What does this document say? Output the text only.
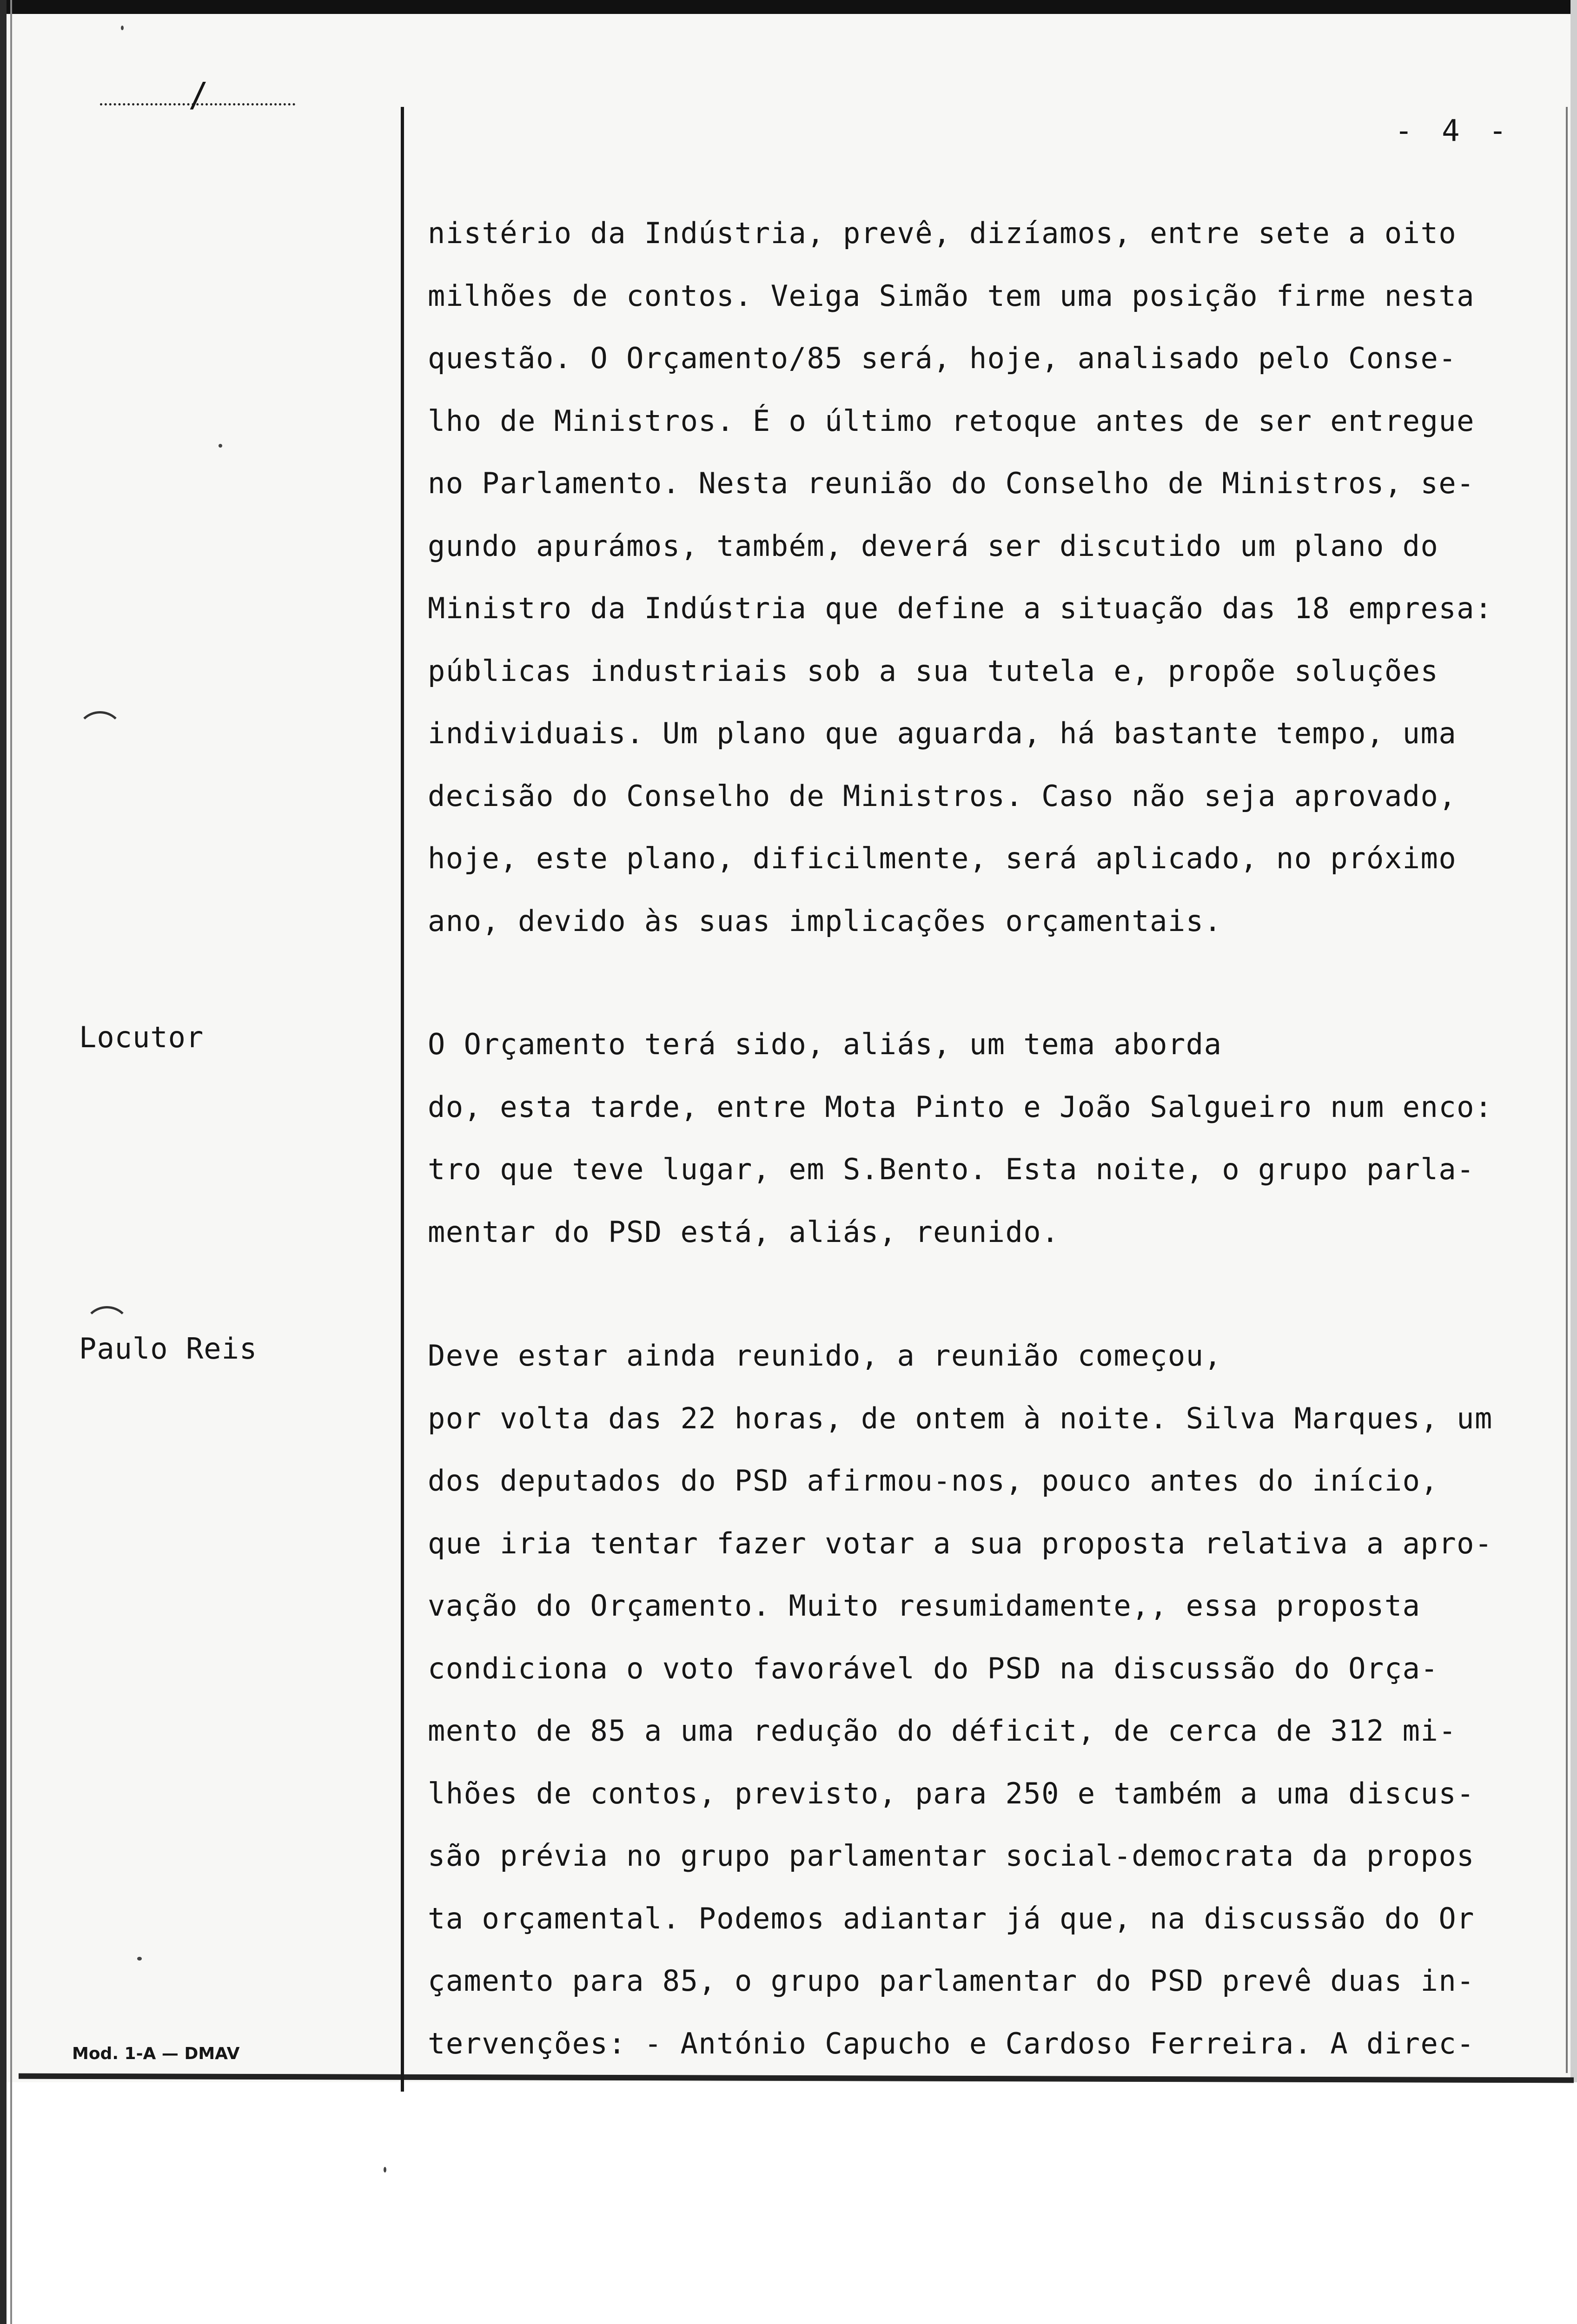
/
- 4 -
nistério da Indústria, prevê, dizíamos, entre sete a oito
milhões de contos. Veiga Simão tem uma posição firme nesta
questão. O Orçamento/85 será, hoje, analisado pelo Conse-
lho de Ministros. É o último retoque antes de ser entregue
no Parlamento. Nesta reunião do Conselho de Ministros, se-
gundo apurámos, também, deverá ser discutido um plano do
Ministro da Indústria que define a situação das 18 empresa:
públicas industriais sob a sua tutela e, propõe soluções
individuais. Um plano que aguarda, há bastante tempo, uma
decisão do Conselho de Ministros. Caso não seja aprovado,
hoje, este plano, dificilmente, será aplicado, no próximo
ano, devido às suas implicações orçamentais.
Locutor	O Orçamento terá sido, aliás, um tema aborda
do, esta tarde, entre Mota Pinto e João Salgueiro num enco:
tro que teve lugar, em S.Bento. Esta noite, o grupo parla-
mentar do PSD está, aliás, reunido.
Paulo Reis	Deve estar ainda reunido, a reunião começou,
por volta das 22 horas, de ontem à noite. Silva Marques, um
dos deputados do PSD afirmou-nos, pouco antes do início,
que iria tentar fazer votar a sua proposta relativa a apro-
vação do Orçamento. Muito resumidamente,, essa proposta
condiciona o voto favorável do PSD na discussão do Orça-
mento de 85 a uma redução do déficit, de cerca de 312 mi-
lhões de contos, previsto, para 250 e também a uma discus-
são prévia no grupo parlamentar social-democrata da propos
ta orçamental. Podemos adiantar já que, na discussão do Or
çamento para 85, o grupo parlamentar do PSD prevê duas in-
tervenções: - António Capucho e Cardoso Ferreira. A direc-
Mod. 1-A — DMAV
